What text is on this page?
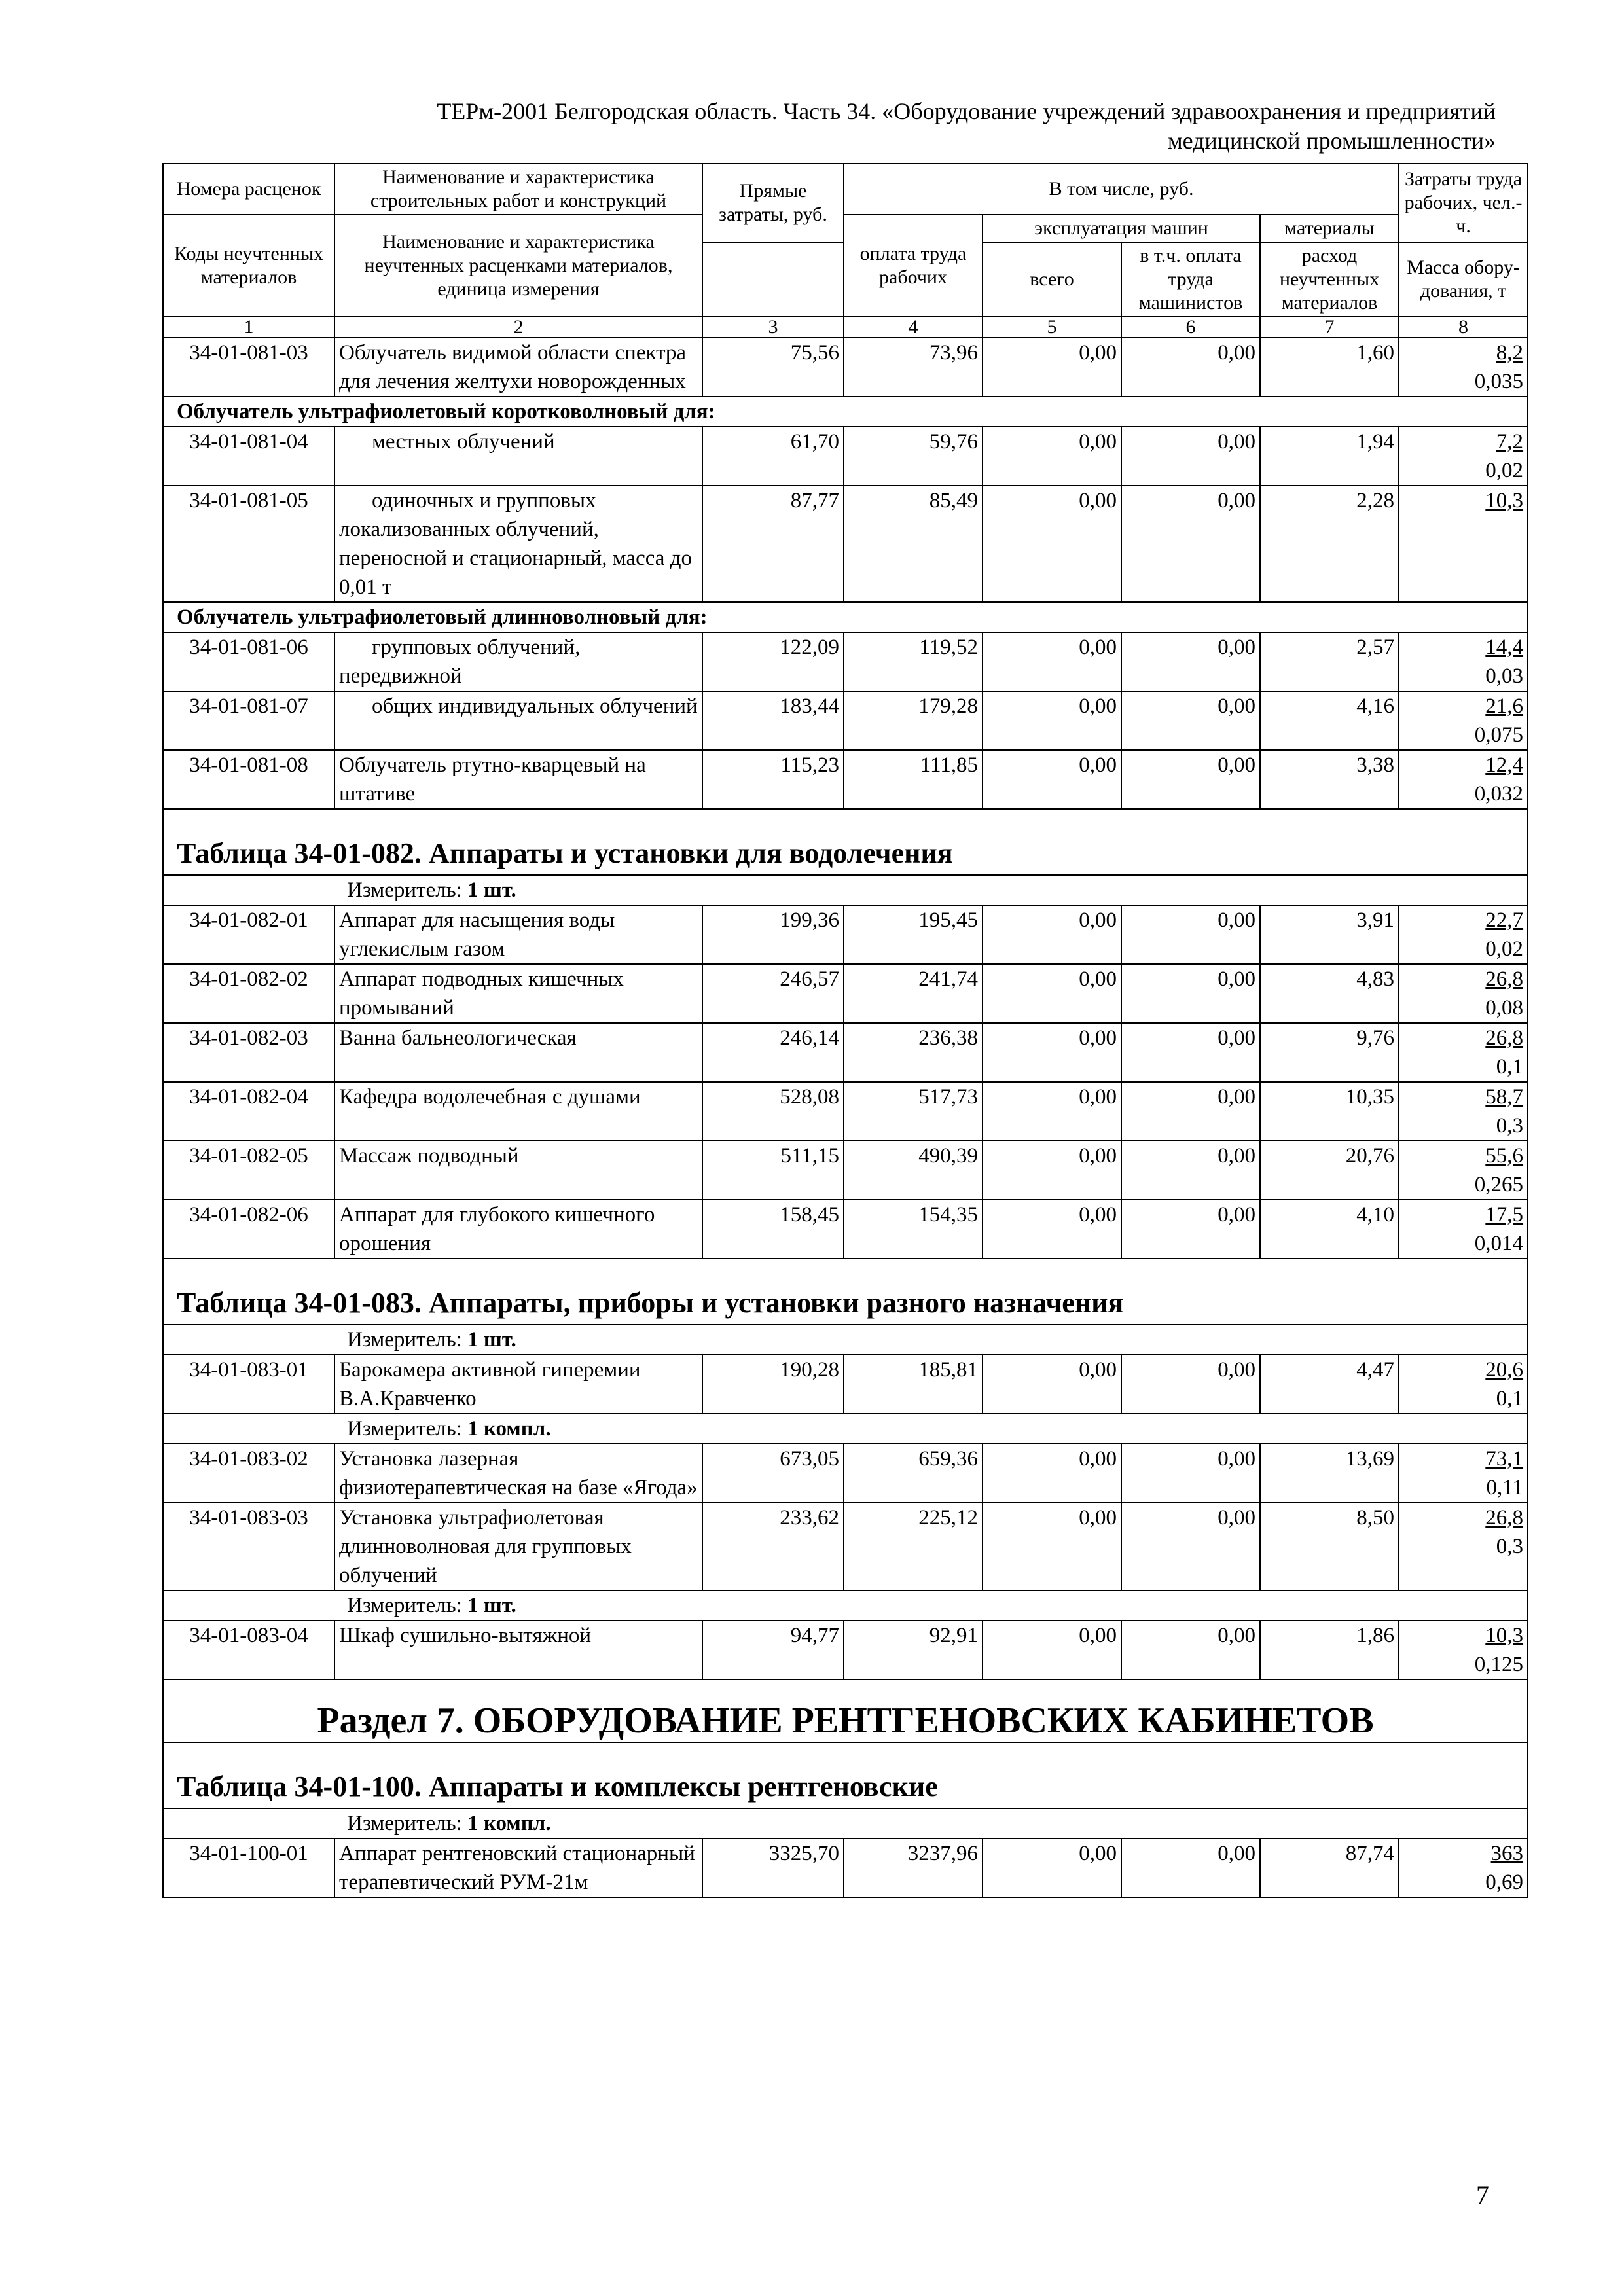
ТЕРм-2001 Белгородская область. Часть 34. «Оборудование учреждений здравоохранения и предприятий
медицинской промышленности»
Номера расценок	Наименование и характеристика строительных работ и конструкций	Прямые затраты, руб.	В том числе, руб.				Затраты труда рабочих, чел.-ч.
Коды неучтенных материалов	Наименование и характеристика неучтенных расценками материалов, единица измерения		оплата труда рабочих	эксплуатация машин		материалы	
				всего	в т.ч. оплата труда машинистов	расход неучтенных материалов	Масса обору-дования, т

1	2	3	4	5	6	7	8
34-01-081-03	Облучатель видимой области спектра для лечения желтухи новорожденных	75,56	73,96	0,00	0,00	1,60	8,2
0,035

Облучатель ультрафиолетовый коротковолновый для:							
34-01-081-04	местных облучений	61,70	59,76	0,00	0,00	1,94	7,2
0,02

34-01-081-05	одиночных и групповых локализованных облучений, переносной и стационарный, масса до 0,01 т	87,77	85,49	0,00	0,00	2,28	10,3

Облучатель ультрафиолетовый длинноволновый для:							
34-01-081-06	групповых облучений, передвижной	122,09	119,52	0,00	0,00	2,57	14,4
0,03

34-01-081-07	общих индивидуальных облучений	183,44	179,28	0,00	0,00	4,16	21,6
0,075

34-01-081-08	Облучатель ртутно-кварцевый на штативе	115,23	111,85	0,00	0,00	3,38	12,4
0,032

Таблица 34-01-082. Аппараты и установки для водолечения							
Измеритель: 1 шт.							
34-01-082-01	Аппарат для насыщения воды углекислым газом	199,36	195,45	0,00	0,00	3,91	22,7
0,02

34-01-082-02	Аппарат подводных кишечных промываний	246,57	241,74	0,00	0,00	4,83	26,8
0,08

34-01-082-03	Ванна бальнеологическая	246,14	236,38	0,00	0,00	9,76	26,8
0,1

34-01-082-04	Кафедра водолечебная с душами	528,08	517,73	0,00	0,00	10,35	58,7
0,3

34-01-082-05	Массаж подводный	511,15	490,39	0,00	0,00	20,76	55,6
0,265

34-01-082-06	Аппарат для глубокого кишечного орошения	158,45	154,35	0,00	0,00	4,10	17,5
0,014

Таблица 34-01-083. Аппараты, приборы и установки разного назначения							
Измеритель: 1 шт.							
34-01-083-01	Барокамера активной гиперемии В.А.Кравченко	190,28	185,81	0,00	0,00	4,47	20,6
0,1

Измеритель: 1 компл.							
34-01-083-02	Установка лазерная физиотерапевтическая на базе «Ягода»	673,05	659,36	0,00	0,00	13,69	73,1
0,11

34-01-083-03	Установка ультрафиолетовая длинноволновая для групповых облучений	233,62	225,12	0,00	0,00	8,50	26,8
0,3

Измеритель: 1 шт.							
34-01-083-04	Шкаф сушильно-вытяжной	94,77	92,91	0,00	0,00	1,86	10,3
0,125

Раздел 7. ОБОРУДОВАНИЕ РЕНТГЕНОВСКИХ КАБИНЕТОВ							
Таблица 34-01-100. Аппараты и комплексы рентгеновские							
Измеритель: 1 компл.							
34-01-100-01	Аппарат рентгеновский стационарный терапевтический РУМ-21м	3325,70	3237,96	0,00	0,00	87,74	363
0,69
7
